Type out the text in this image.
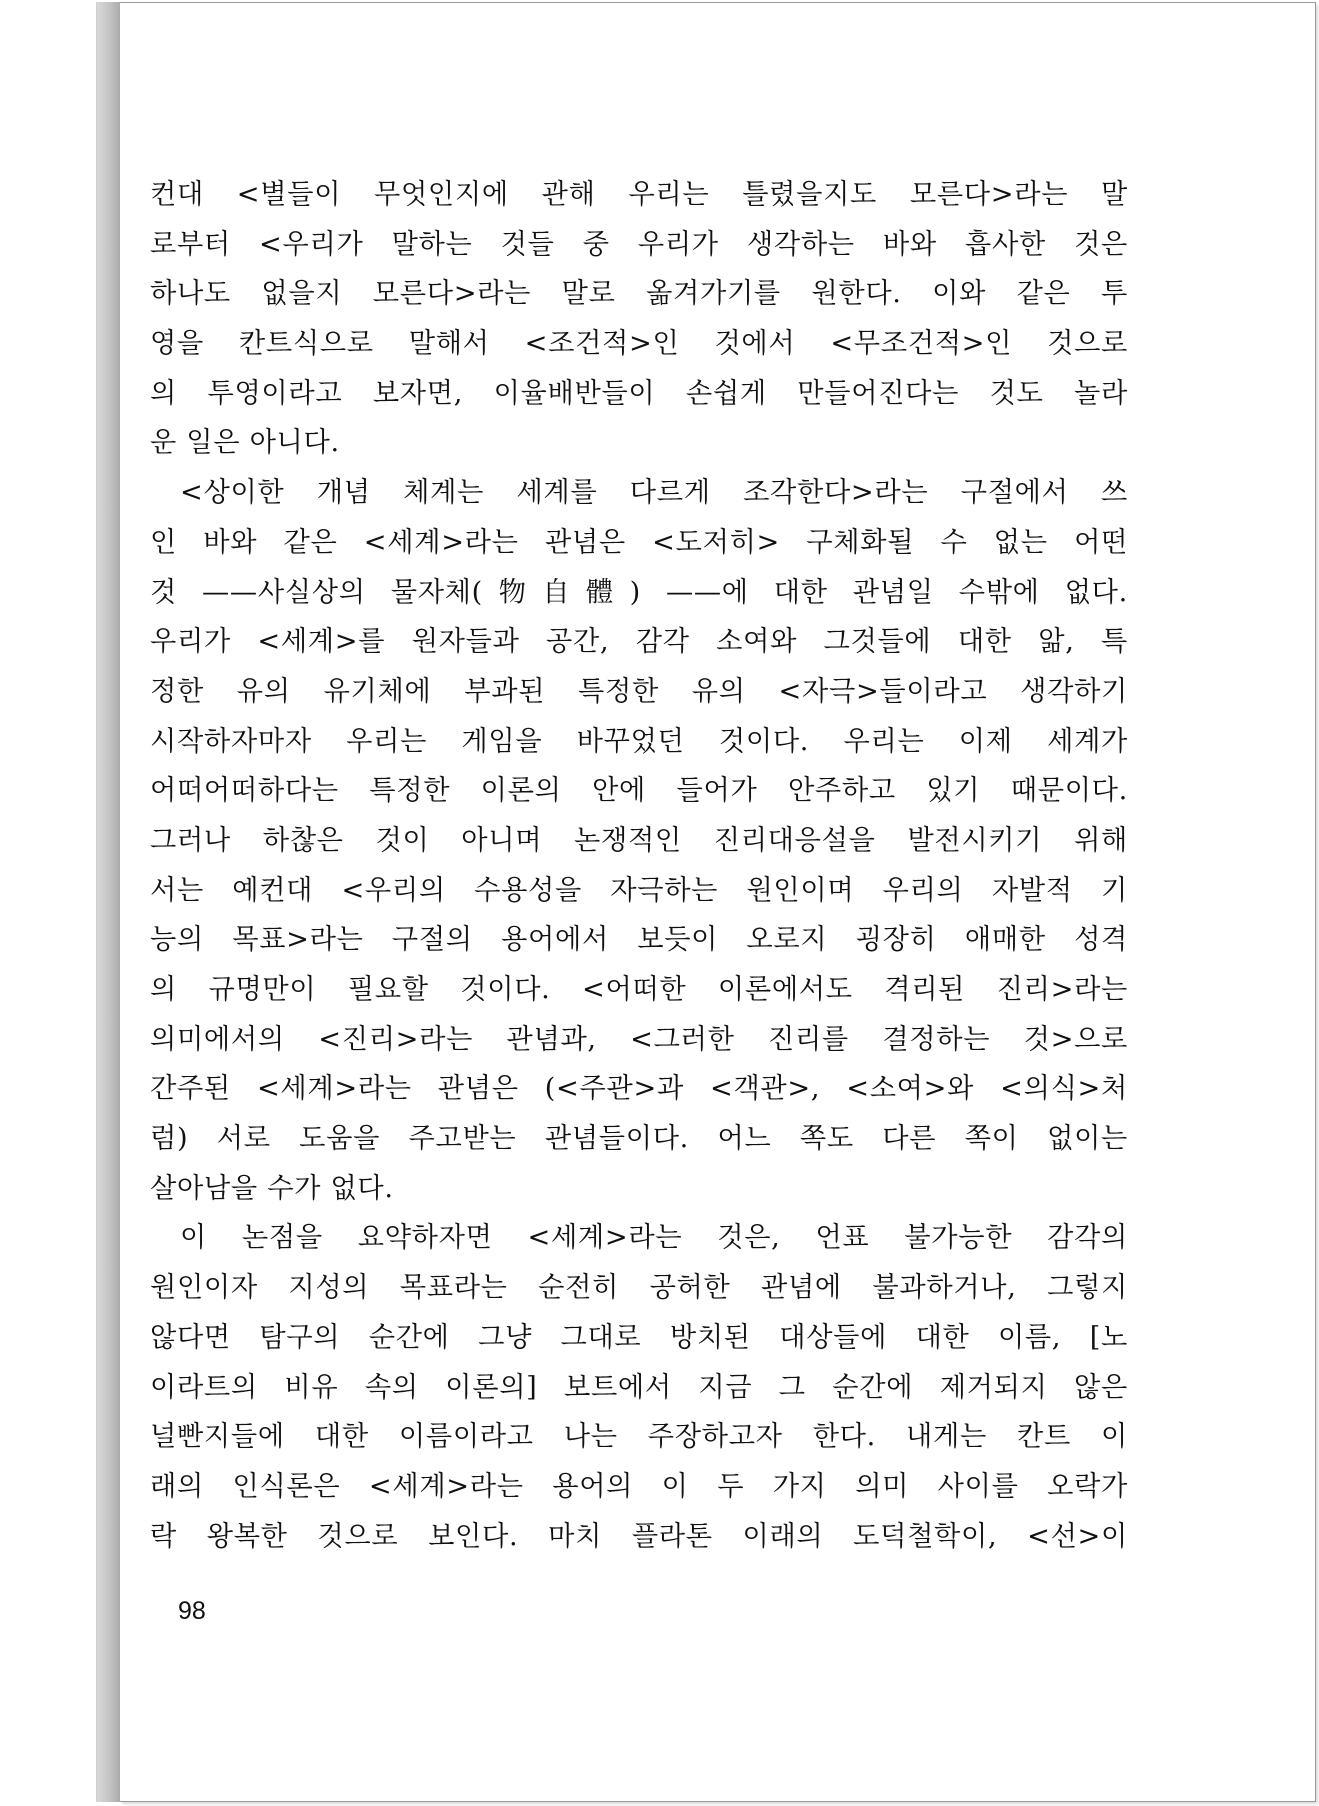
컨대 <별들이 무엇인지에 관해 우리는 틀렸을지도 모른다>라는 말
로부터 <우리가 말하는 것들 중 우리가 생각하는 바와 흡사한 것은
하나도 없을지 모른다>라는 말로 옮겨가기를 원한다. 이와 같은 투
영을 칸트식으로 말해서 <조건적>인 것에서 <무조건적>인 것으로
의 투영이라고 보자면, 이율배반들이 손쉽게 만들어진다는 것도 놀라
운 일은 아니다.
<상이한 개념 체계는 세계를 다르게 조각한다>라는 구절에서 쓰
인 바와 같은 <세계>라는 관념은 <도저히> 구체화될 수 없는 어떤
것 ——사실상의 물자체(物自體) ——에 대한 관념일 수밖에 없다.
우리가 <세계>를 원자들과 공간, 감각 소여와 그것들에 대한 앎, 특
정한 유의 유기체에 부과된 특정한 유의 <자극>들이라고 생각하기
시작하자마자 우리는 게임을 바꾸었던 것이다. 우리는 이제 세계가
어떠어떠하다는 특정한 이론의 안에 들어가 안주하고 있기 때문이다.
그러나 하찮은 것이 아니며 논쟁적인 진리대응설을 발전시키기 위해
서는 예컨대 <우리의 수용성을 자극하는 원인이며 우리의 자발적 기
능의 목표>라는 구절의 용어에서 보듯이 오로지 굉장히 애매한 성격
의 규명만이 필요할 것이다. <어떠한 이론에서도 격리된 진리>라는
의미에서의 <진리>라는 관념과, <그러한 진리를 결정하는 것>으로
간주된 <세계>라는 관념은 (<주관>과 <객관>, <소여>와 <의식>처
럼) 서로 도움을 주고받는 관념들이다. 어느 쪽도 다른 쪽이 없이는
살아남을 수가 없다.
이 논점을 요약하자면 <세계>라는 것은, 언표 불가능한 감각의
원인이자 지성의 목표라는 순전히 공허한 관념에 불과하거나, 그렇지
않다면 탐구의 순간에 그냥 그대로 방치된 대상들에 대한 이름, [노
이라트의 비유 속의 이론의] 보트에서 지금 그 순간에 제거되지 않은
널빤지들에 대한 이름이라고 나는 주장하고자 한다. 내게는 칸트 이
래의 인식론은 <세계>라는 용어의 이 두 가지 의미 사이를 오락가
락 왕복한 것으로 보인다. 마치 플라톤 이래의 도덕철학이, <선>이
98
